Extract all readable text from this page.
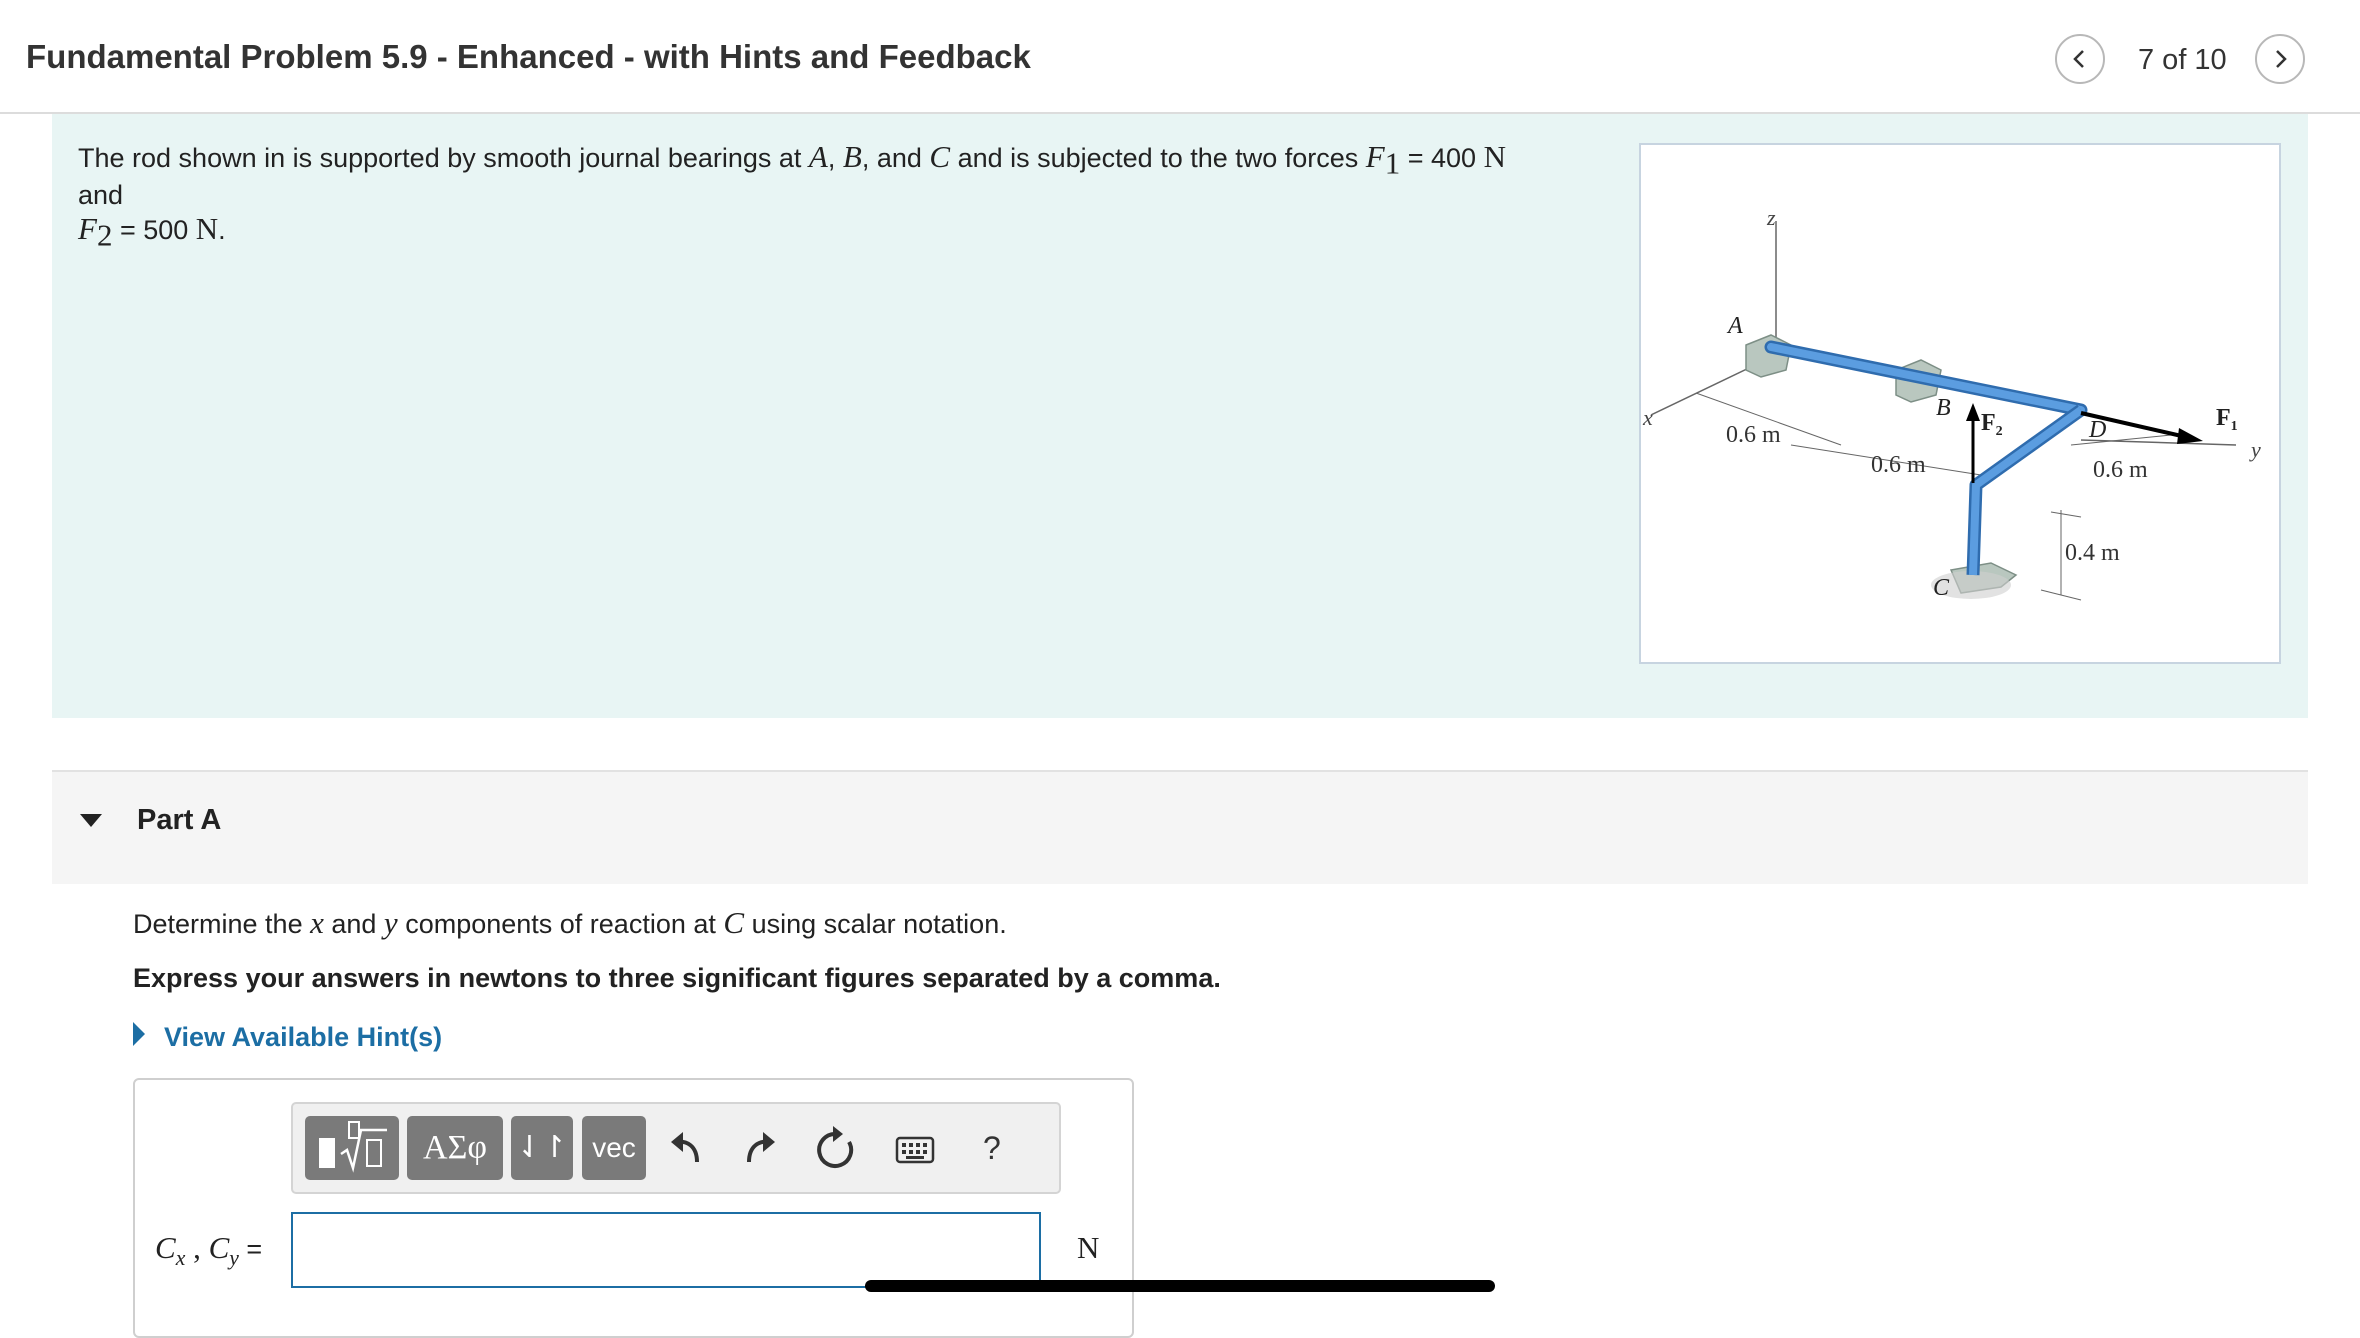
Fundamental Problem 5.9 - Enhanced - with Hints and Feedback	7 of 10
The rod shown in is supported by smooth journal bearings at A, B, and C and is subjected to the two forces $F_1 = 400$ N and
$F_2 = 500$ N.	z
x
y
A
B
C
D	$F_1$
$F_2$
0.6 m
0.6 m	0.6 m
0.4 m
Part A
Determine the x and y components of reaction at C using scalar notation.
Express your answers in newtons to three significant figures separated by a comma.
View Available Hint(s)
ΑΣφ ⇃↾ vec	?
$C_x$ , $C_y$ =	N
